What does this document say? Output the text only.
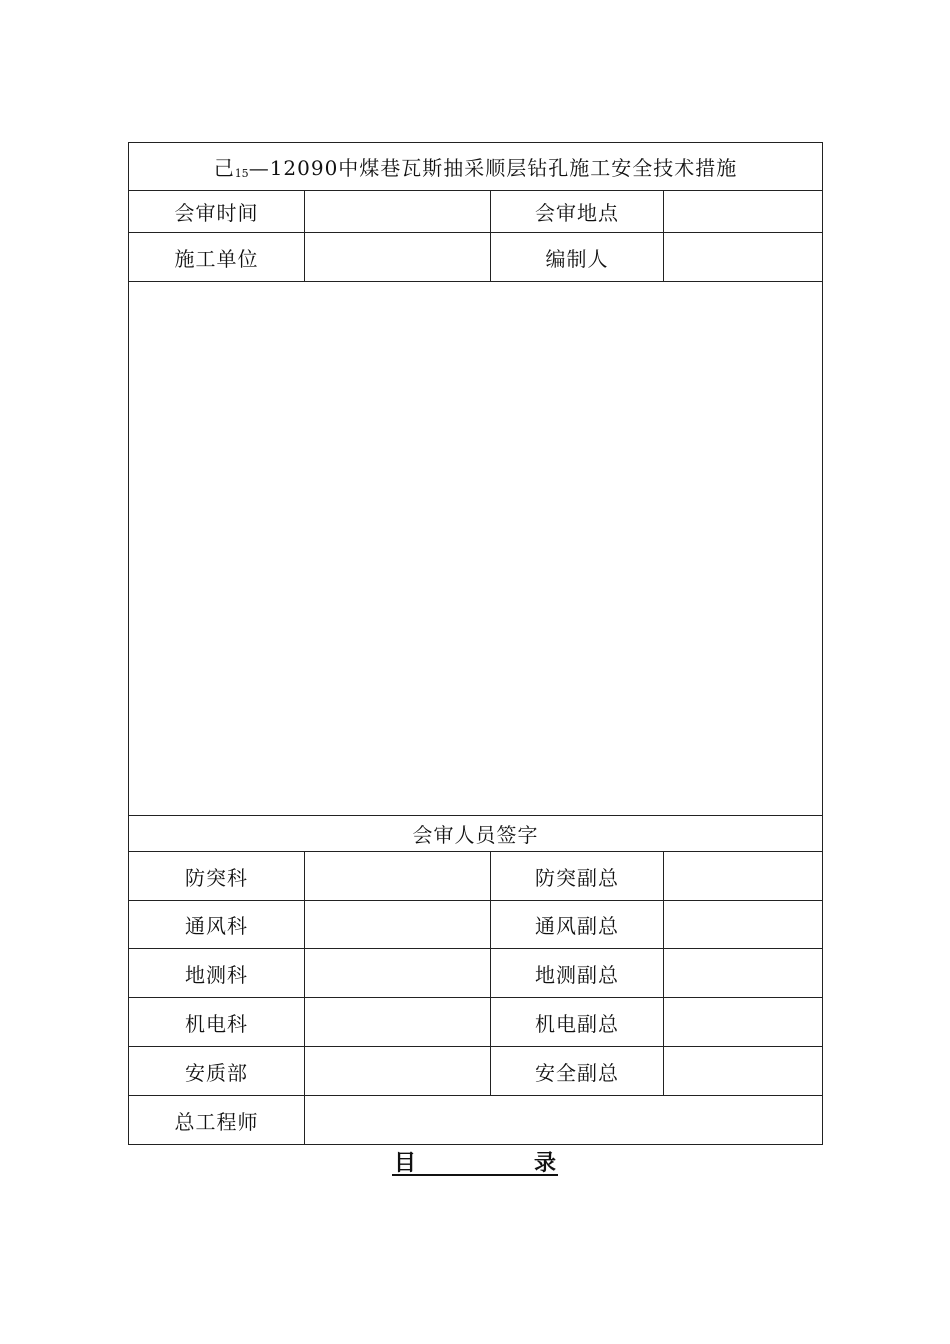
己$_{15}$—12090中煤巷瓦斯抽采顺层钻孔施工安全技术措施			
会审时间		会审地点	
施工单位		编制人	

会审人员签字			
防突科		防突副总	
通风科		通风副总	
地测科		地测副总	
机电科		机电副总	
安质部		安全副总	
总工程师			
目	录
